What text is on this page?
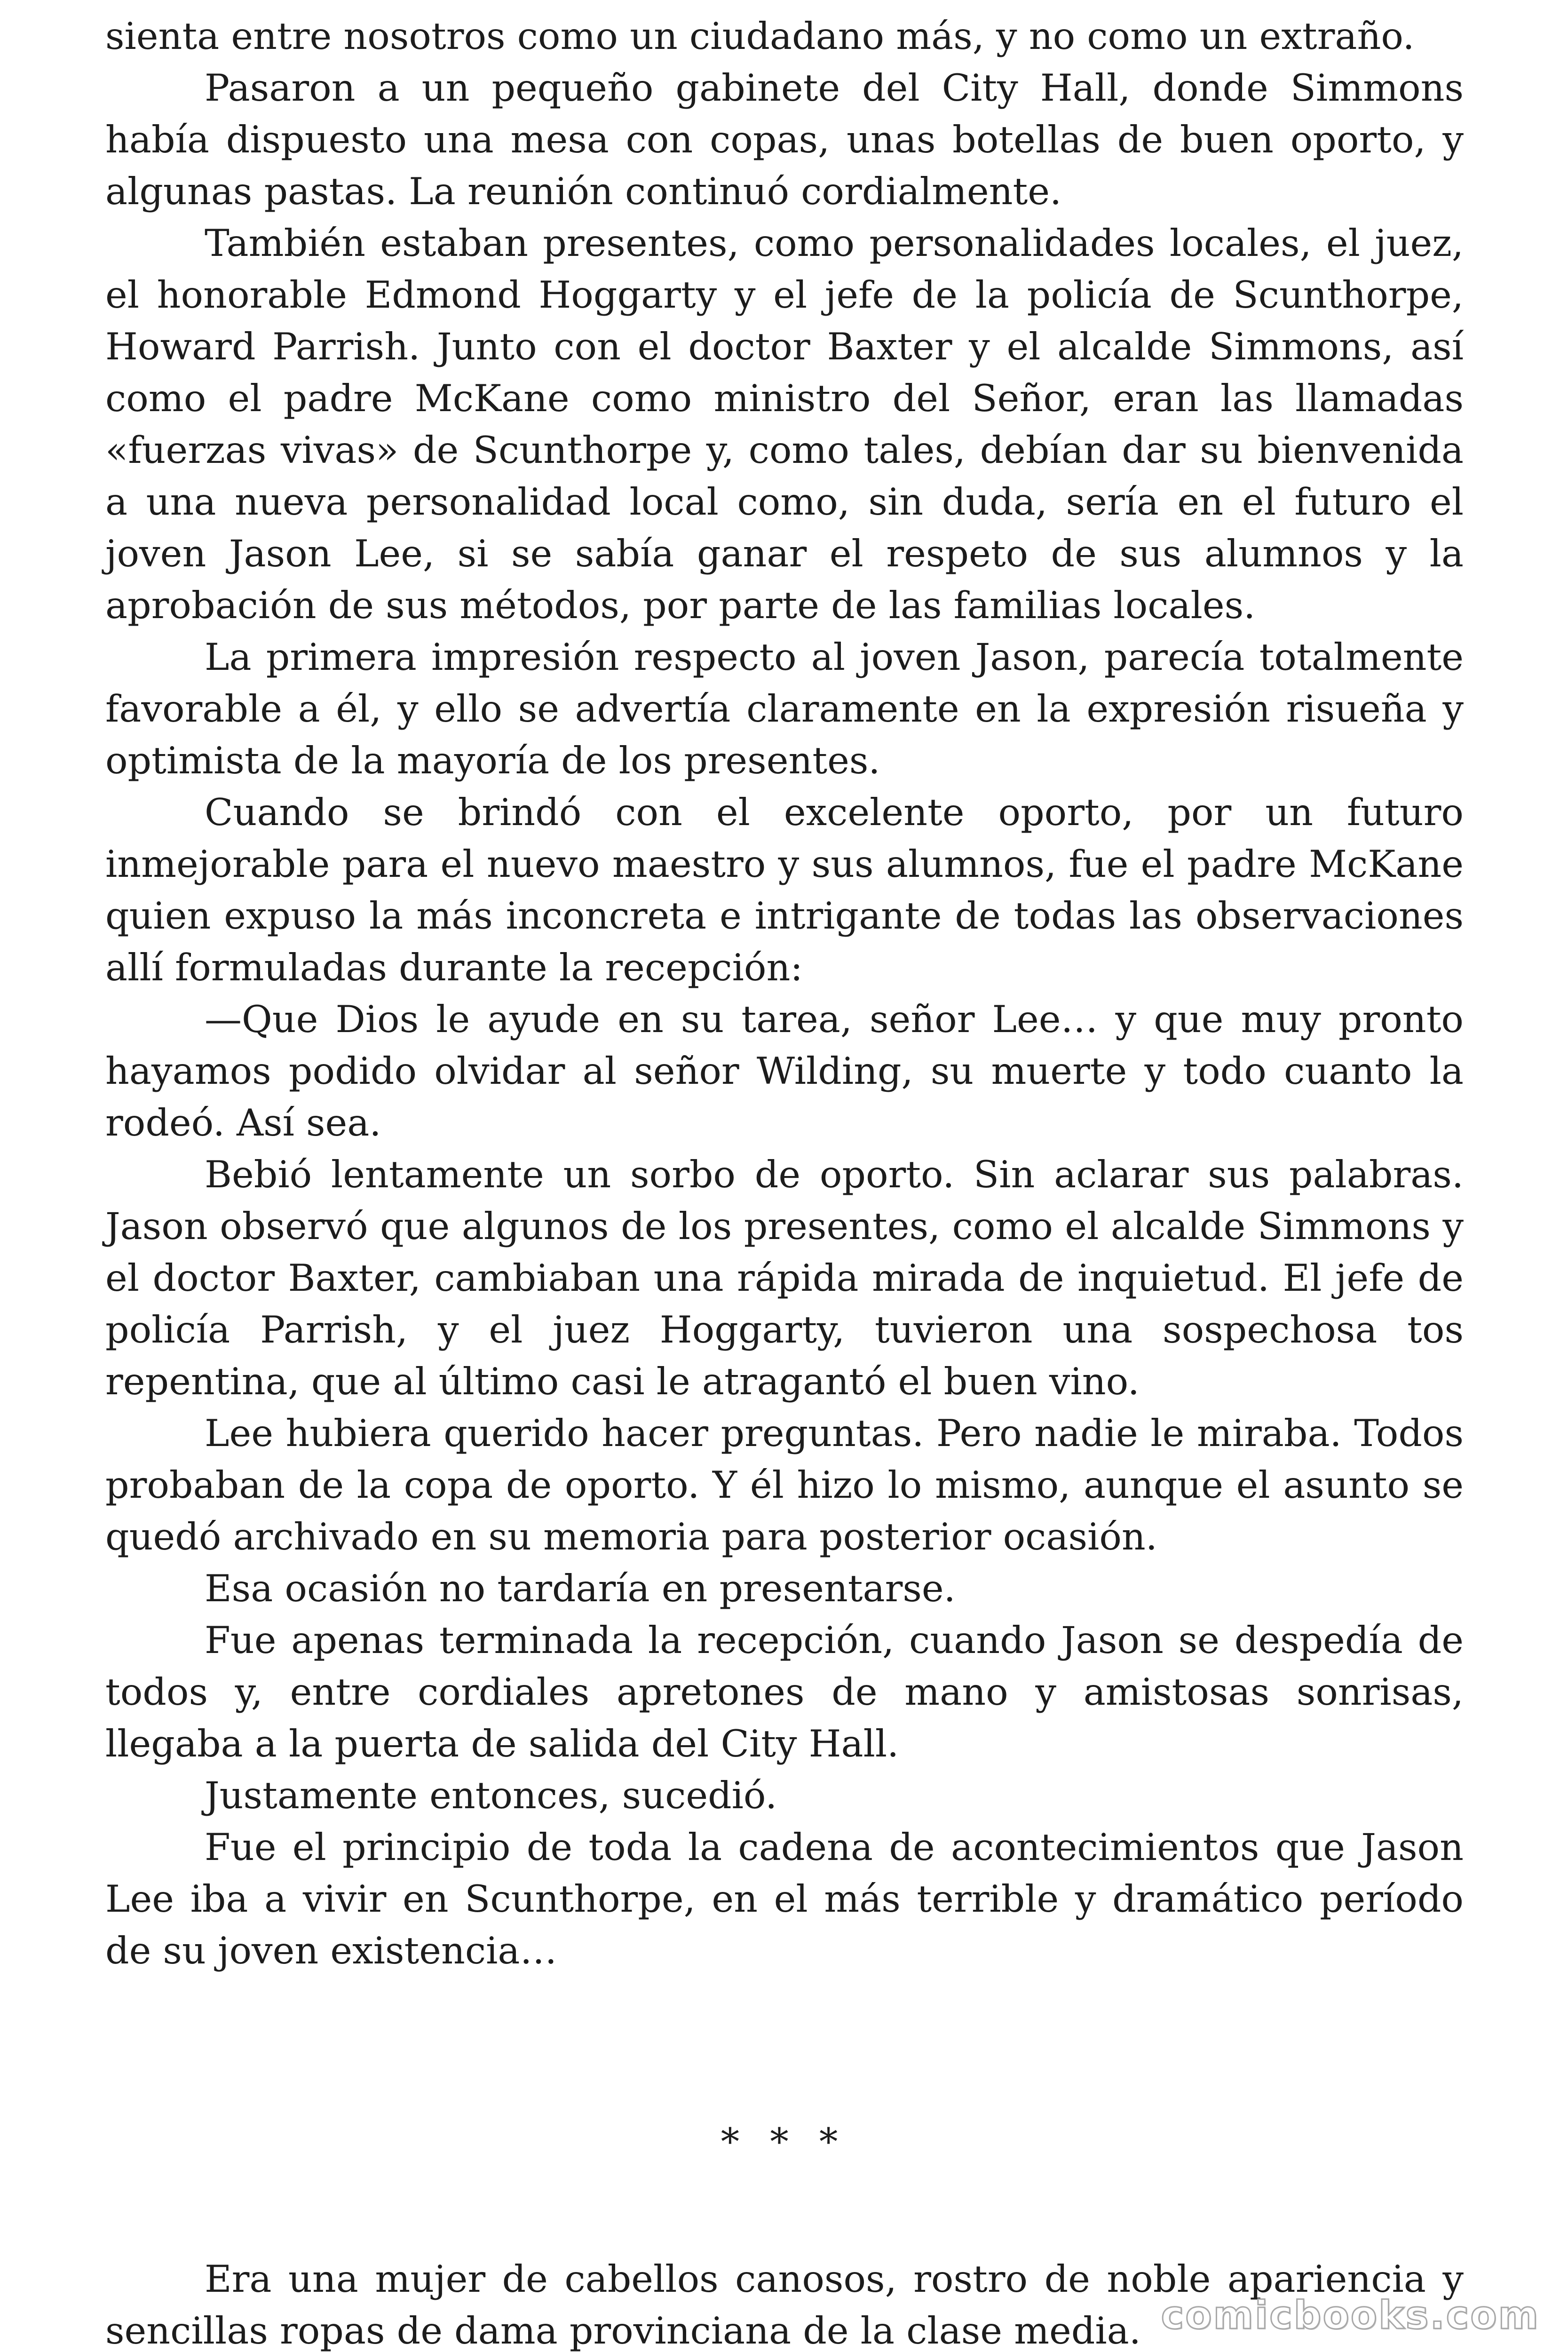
sienta entre nosotros como un ciudadano más, y no como un extraño.

Pasaron a un pequeño gabinete del City Hall, donde Simmons había dispuesto una mesa con copas, unas botellas de buen oporto, y algunas pastas. La reunión continuó cordialmente.

También estaban presentes, como personalidades locales, el juez, el honorable Edmond Hoggarty y el jefe de la policía de Scunthorpe, Howard Parrish. Junto con el doctor Baxter y el alcalde Simmons, así como el padre McKane como ministro del Señor, eran las llamadas «fuerzas vivas» de Scunthorpe y, como tales, debían dar su bienvenida a una nueva personalidad local como, sin duda, sería en el futuro el joven Jason Lee, si se sabía ganar el respeto de sus alumnos y la aprobación de sus métodos, por parte de las familias locales.

La primera impresión respecto al joven Jason, parecía totalmente favorable a él, y ello se advertía claramente en la expresión risueña y optimista de la mayoría de los presentes.

Cuando se brindó con el excelente oporto, por un futuro inmejorable para el nuevo maestro y sus alumnos, fue el padre McKane quien expuso la más inconcreta e intrigante de todas las observaciones allí formuladas durante la recepción:

—Que Dios le ayude en su tarea, señor Lee… y que muy pronto hayamos podido olvidar al señor Wilding, su muerte y todo cuanto la rodeó. Así sea.

Bebió lentamente un sorbo de oporto. Sin aclarar sus palabras. Jason observó que algunos de los presentes, como el alcalde Simmons y el doctor Baxter, cambiaban una rápida mirada de inquietud. El jefe de policía Parrish, y el juez Hoggarty, tuvieron una sospechosa tos repentina, que al último casi le atragantó el buen vino.

Lee hubiera querido hacer preguntas. Pero nadie le miraba. Todos probaban de la copa de oporto. Y él hizo lo mismo, aunque el asunto se quedó archivado en su memoria para posterior ocasión.

Esa ocasión no tardaría en presentarse.

Fue apenas terminada la recepción, cuando Jason se despedía de todos y, entre cordiales apretones de mano y amistosas sonrisas, llegaba a la puerta de salida del City Hall.

Justamente entonces, sucedió.

Fue el principio de toda la cadena de acontecimientos que Jason Lee iba a vivir en Scunthorpe, en el más terrible y dramático período de su joven existencia…

* * *

Era una mujer de cabellos canosos, rostro de noble apariencia y sencillas ropas de dama provinciana de la clase media. comicbooks.com
